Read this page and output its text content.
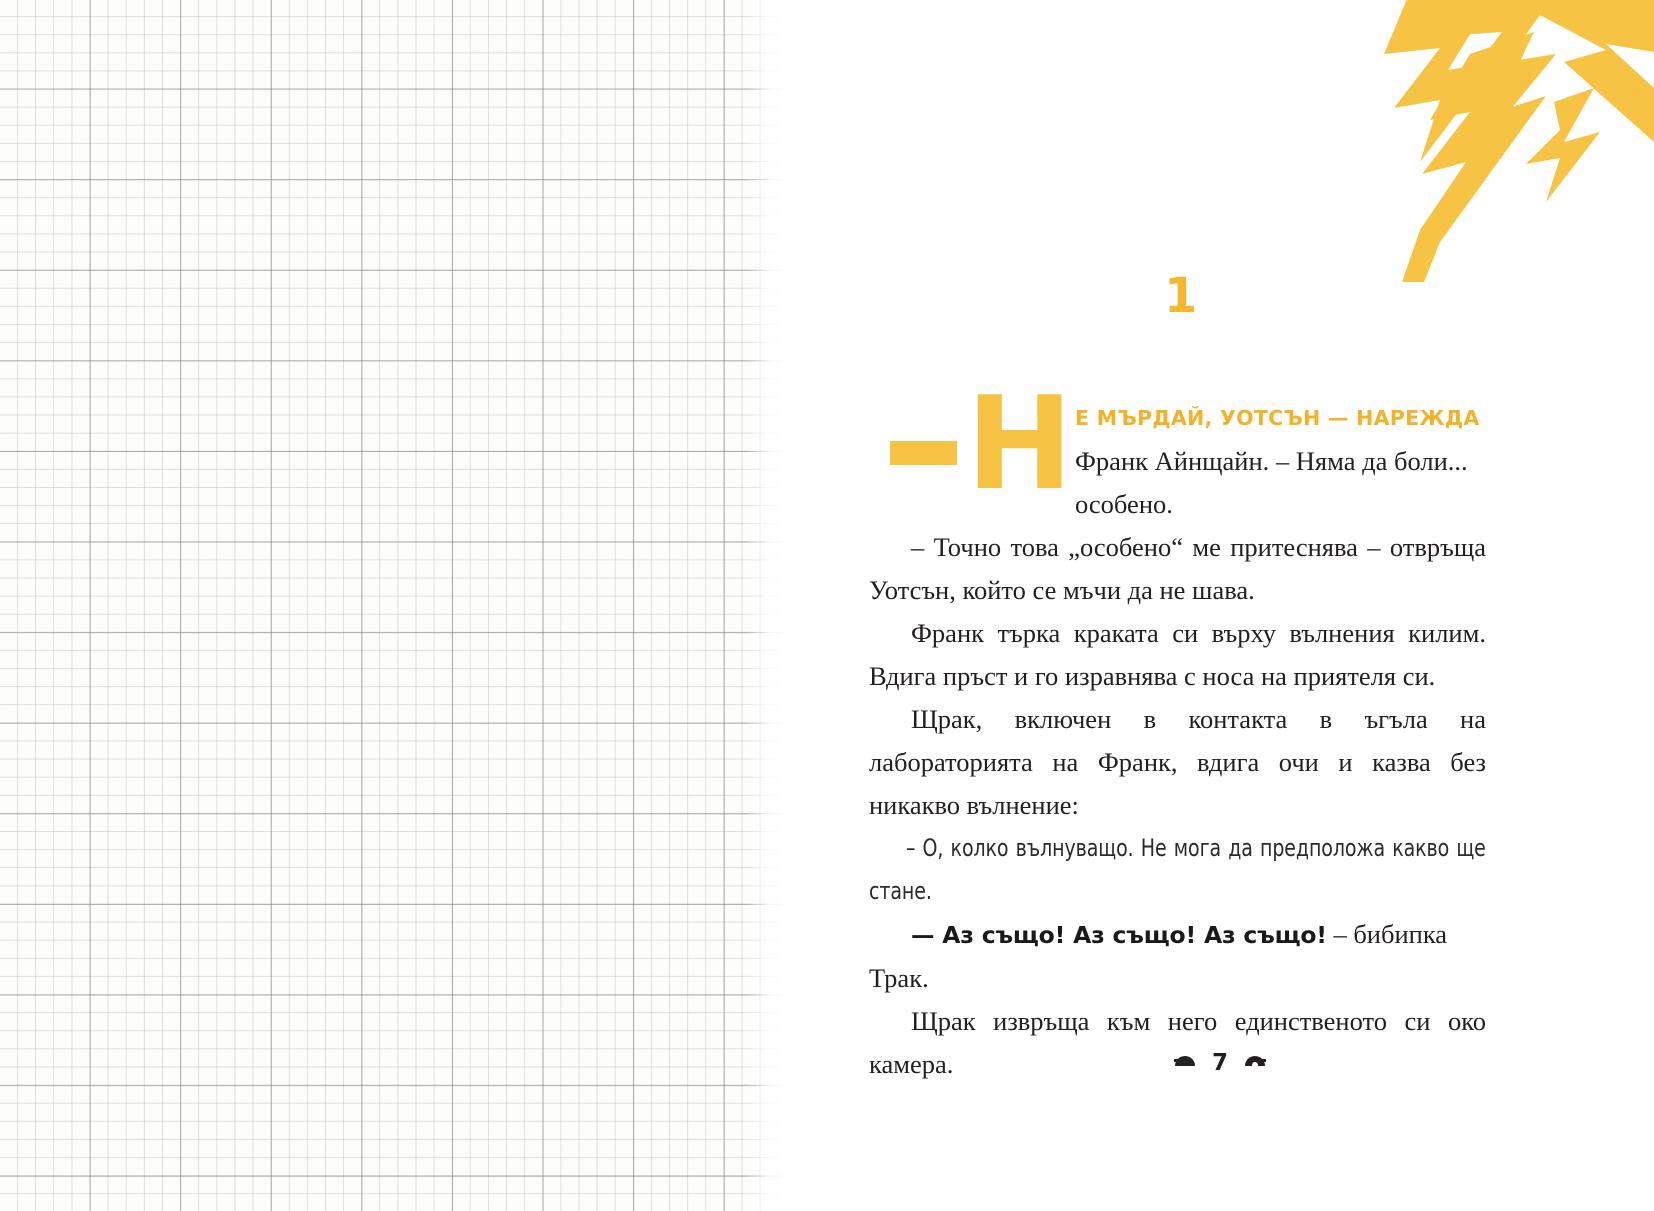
1
Н Е МЪРДАЙ, УОТСЪН — НАРЕЖДА
Франк Айнщайн. – Няма да боли...

особено.

– Точно това „особено“ ме притеснява – отвръща Уотсън, който се мъчи да не шава.

Франк търка краката си върху вълнения килим. Вдига пръст и го изравнява с носа на приятеля си.

Щрак, включен в контакта в ъгъла на лабораторията на Франк, вдига очи и казва без никакво вълнение:

– О, колко вълнуващо. Не мога да предположа какво ще стане.

— Аз също! Аз също! Аз също! – бибипка Трак.

Щрак извръща към него единственото си око камера.	7
